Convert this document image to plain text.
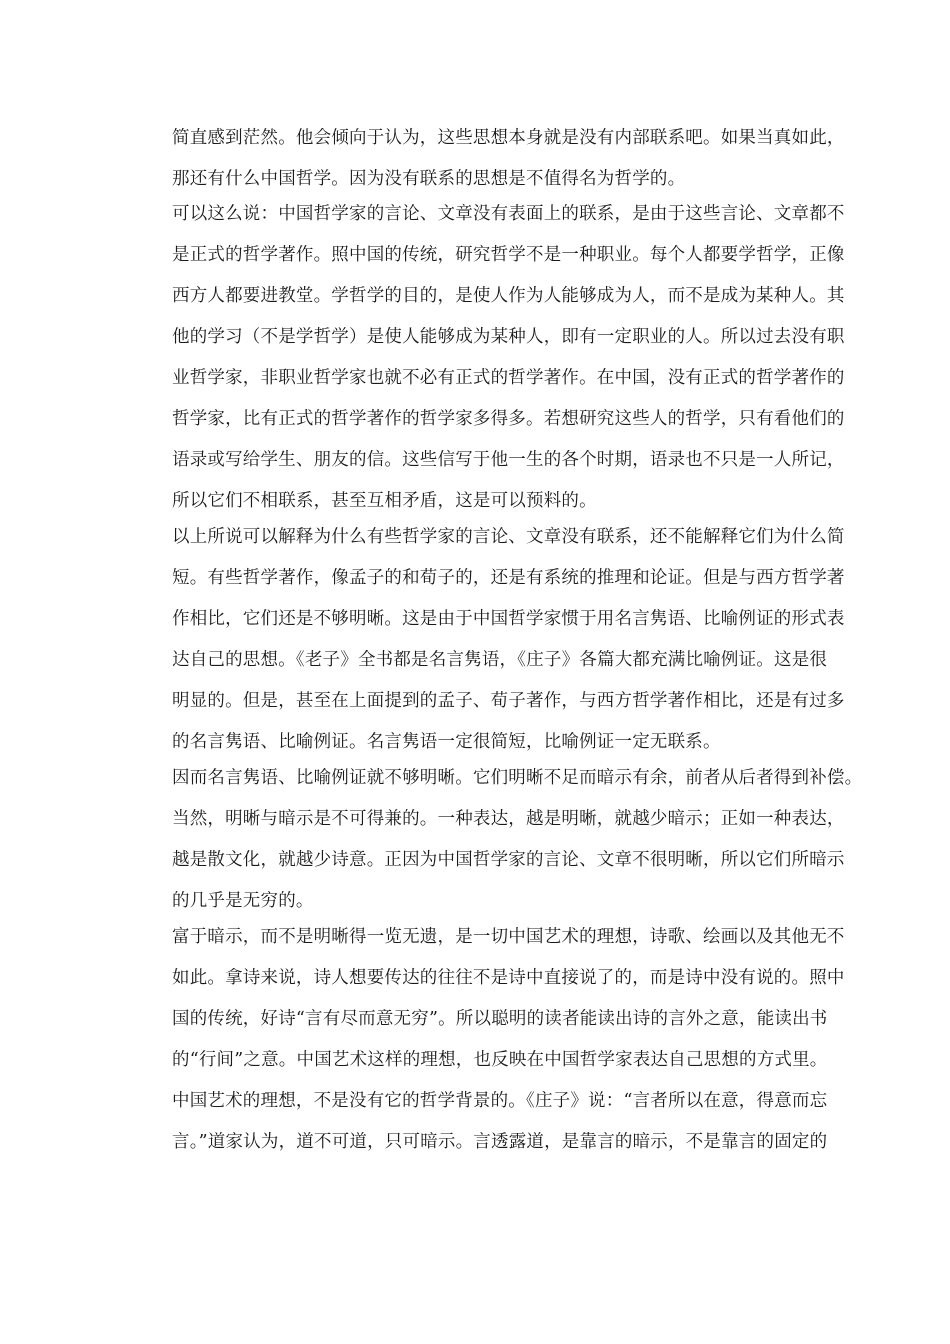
简直感到茫然。他会倾向于认为，这些思想本身就是没有内部联系吧。如果当真如此，
那还有什么中国哲学。因为没有联系的思想是不值得名为哲学的。
可以这么说：中国哲学家的言论、文章没有表面上的联系，是由于这些言论、文章都不
是正式的哲学著作。照中国的传统，研究哲学不是一种职业。每个人都要学哲学，正像
西方人都要进教堂。学哲学的目的，是使人作为人能够成为人，而不是成为某种人。其
他的学习（不是学哲学）是使人能够成为某种人，即有一定职业的人。所以过去没有职
业哲学家，非职业哲学家也就不必有正式的哲学著作。在中国，没有正式的哲学著作的
哲学家，比有正式的哲学著作的哲学家多得多。若想研究这些人的哲学，只有看他们的
语录或写给学生、朋友的信。这些信写于他一生的各个时期，语录也不只是一人所记，
所以它们不相联系，甚至互相矛盾，这是可以预料的。
以上所说可以解释为什么有些哲学家的言论、文章没有联系，还不能解释它们为什么简
短。有些哲学著作，像孟子的和荀子的，还是有系统的推理和论证。但是与西方哲学著
作相比，它们还是不够明晰。这是由于中国哲学家惯于用名言隽语、比喻例证的形式表
达自己的思想。《老子》全书都是名言隽语，《庄子》各篇大都充满比喻例证。这是很
明显的。但是，甚至在上面提到的孟子、荀子著作，与西方哲学著作相比，还是有过多
的名言隽语、比喻例证。名言隽语一定很简短，比喻例证一定无联系。
因而名言隽语、比喻例证就不够明晰。它们明晰不足而暗示有余，前者从后者得到补偿。
当然，明晰与暗示是不可得兼的。一种表达，越是明晰，就越少暗示；正如一种表达，
越是散文化，就越少诗意。正因为中国哲学家的言论、文章不很明晰，所以它们所暗示
的几乎是无穷的。
富于暗示，而不是明晰得一览无遗，是一切中国艺术的理想，诗歌、绘画以及其他无不
如此。拿诗来说，诗人想要传达的往往不是诗中直接说了的，而是诗中没有说的。照中
国的传统，好诗“言有尽而意无穷”。所以聪明的读者能读出诗的言外之意，能读出书
的“行间”之意。中国艺术这样的理想，也反映在中国哲学家表达自己思想的方式里。
中国艺术的理想，不是没有它的哲学背景的。《庄子》说：“言者所以在意，得意而忘
言。”道家认为，道不可道，只可暗示。言透露道，是靠言的暗示，不是靠言的固定的
